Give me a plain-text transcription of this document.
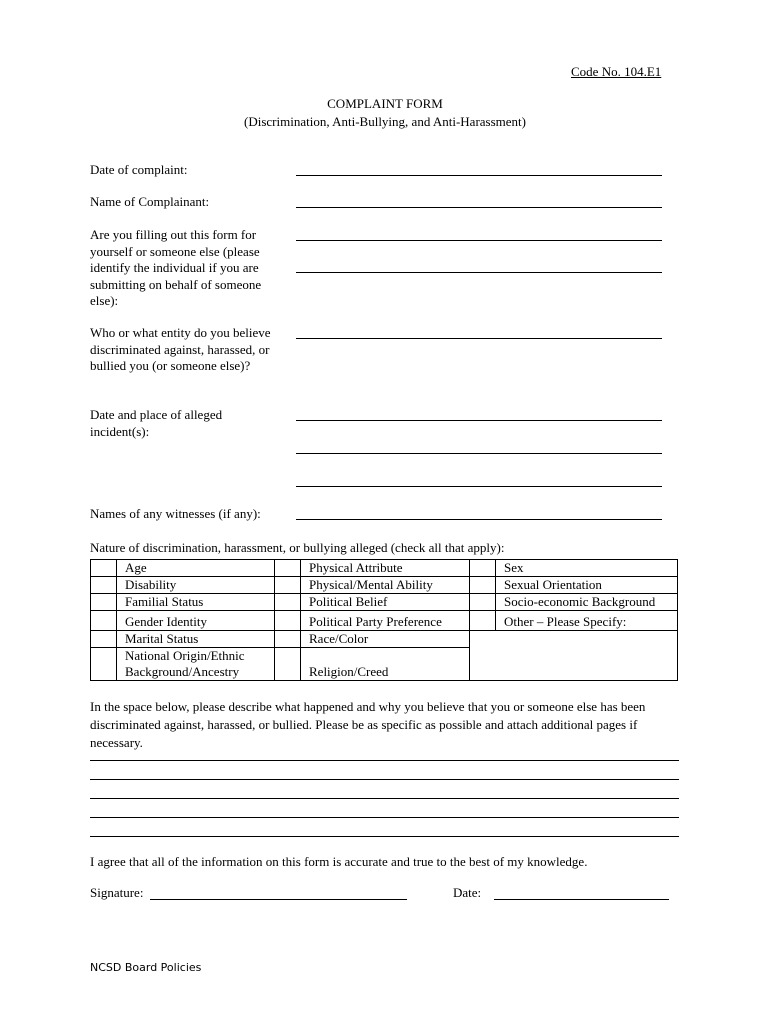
Code No. 104.E1
COMPLAINT FORM
(Discrimination, Anti-Bullying, and Anti-Harassment)
Date of complaint:
Name of Complainant:
Are you filling out this form for yourself or someone else (please identify the individual if you are submitting on behalf of someone else):
Who or what entity do you believe discriminated against, harassed, or bullied you (or someone else)?
Date and place of alleged incident(s):
Names of any witnesses (if any):
Nature of discrimination, harassment, or bullying alleged (check all that apply):
	Age		Physical Attribute		Sex
	Disability		Physical/Mental Ability		Sexual Orientation
	Familial Status		Political Belief		Socio-economic Background
	Gender Identity		Political Party Preference		Other – Please Specify:
	Marital Status		Race/Color		
	National Origin/Ethnic Background/Ancestry		Religion/Creed		
In the space below, please describe what happened and why you believe that you or someone else has been discriminated against, harassed, or bullied. Please be as specific as possible and attach additional pages if necessary.
I agree that all of the information on this form is accurate and true to the best of my knowledge.
Signature:	Date:
NCSD Board Policies
